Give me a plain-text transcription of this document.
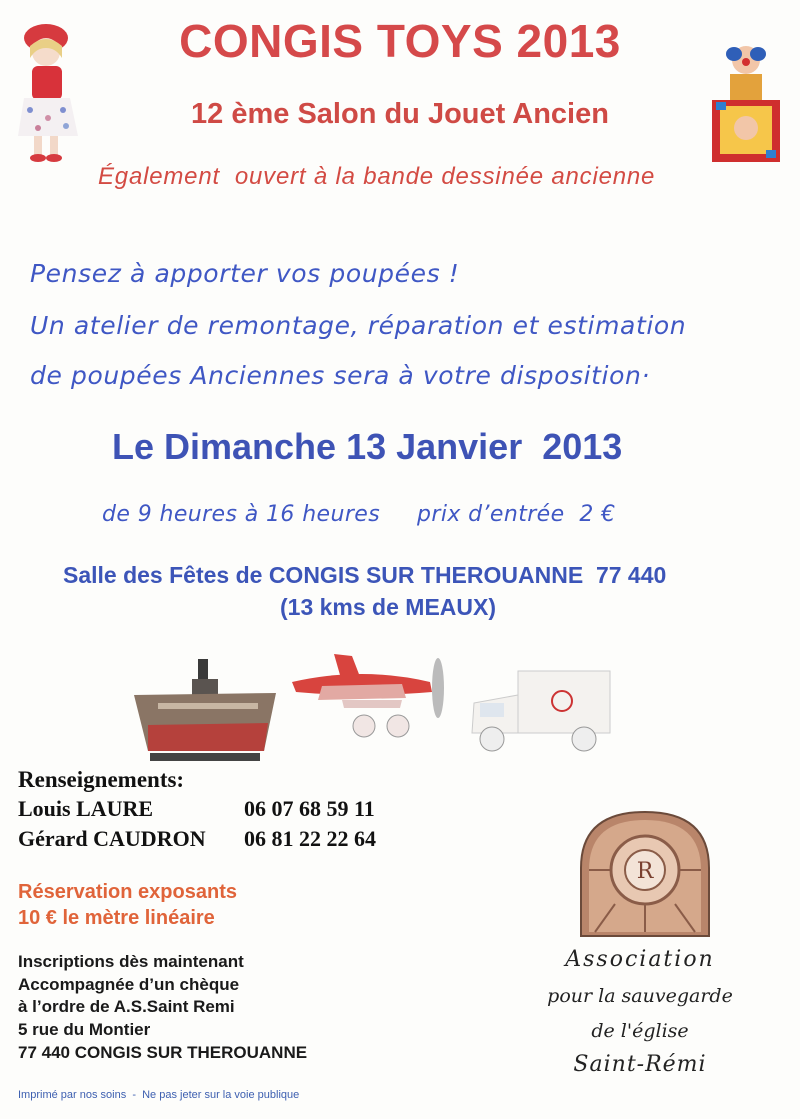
CONGIS TOYS 2013
12 ème Salon du Jouet Ancien
Également  ouvert à la bande dessinée ancienne
Pensez à apporter vos poupées !
Un atelier de remontage, réparation et estimation
de poupées Anciennes sera à votre disposition·
Le Dimanche 13 Janvier  2013
de 9 heures à 16 heures     prix d’entrée  2 €
Salle des Fêtes de CONGIS SUR THEROUANNE  77 440
(13 kms de MEAUX)
Renseignements:
Louis LAURE	06 07 68 59 11
Gérard CAUDRON 06 81 22 22 64
Réservation exposants
10 € le mètre linéaire
Inscriptions dès maintenant
Accompagnée d’un chèque
à l’ordre de A.S.Saint Remi
5 rue du Montier
77 440 CONGIS SUR THEROUANNE
R
Association
pour la sauvegarde
de l'église
Saint-Rémi
Imprimé par nos soins  -  Ne pas jeter sur la voie publique
